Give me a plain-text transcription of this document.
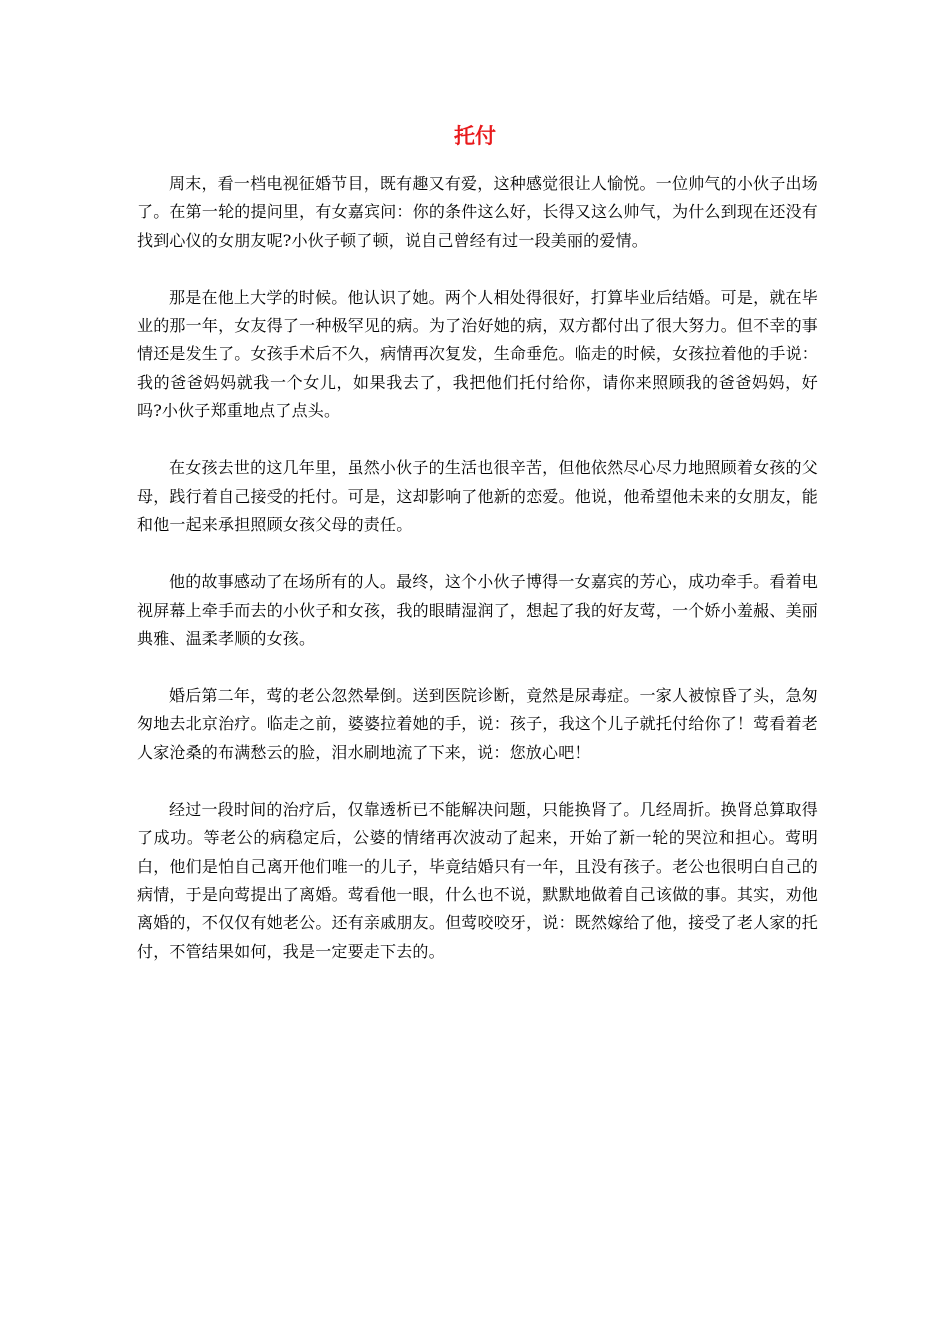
托付

周末，看一档电视征婚节目，既有趣又有爱，这种感觉很让人愉悦。一位帅气的小伙子出场了。在第一轮的提问里，有女嘉宾问：你的条件这么好，长得又这么帅气，为什么到现在还没有找到心仪的女朋友呢?小伙子顿了顿，说自己曾经有过一段美丽的爱情。

那是在他上大学的时候。他认识了她。两个人相处得很好，打算毕业后结婚。可是，就在毕业的那一年，女友得了一种极罕见的病。为了治好她的病，双方都付出了很大努力。但不幸的事情还是发生了。女孩手术后不久，病情再次复发，生命垂危。临走的时候，女孩拉着他的手说：我的爸爸妈妈就我一个女儿，如果我去了，我把他们托付给你，请你来照顾我的爸爸妈妈，好吗?小伙子郑重地点了点头。

在女孩去世的这几年里，虽然小伙子的生活也很辛苦，但他依然尽心尽力地照顾着女孩的父母，践行着自己接受的托付。可是，这却影响了他新的恋爱。他说，他希望他未来的女朋友，能和他一起来承担照顾女孩父母的责任。

他的故事感动了在场所有的人。最终，这个小伙子博得一女嘉宾的芳心，成功牵手。看着电视屏幕上牵手而去的小伙子和女孩，我的眼睛湿润了，想起了我的好友莺，一个娇小羞赧、美丽典雅、温柔孝顺的女孩。

婚后第二年，莺的老公忽然晕倒。送到医院诊断，竟然是尿毒症。一家人被惊昏了头，急匆匆地去北京治疗。临走之前，婆婆拉着她的手，说：孩子，我这个儿子就托付给你了！莺看着老人家沧桑的布满愁云的脸，泪水刷地流了下来，说：您放心吧！

经过一段时间的治疗后，仅靠透析已不能解决问题，只能换肾了。几经周折。换肾总算取得了成功。等老公的病稳定后，公婆的情绪再次波动了起来，开始了新一轮的哭泣和担心。莺明白，他们是怕自己离开他们唯一的儿子，毕竟结婚只有一年，且没有孩子。老公也很明白自己的病情，于是向莺提出了离婚。莺看他一眼，什么也不说，默默地做着自己该做的事。其实，劝他离婚的，不仅仅有她老公。还有亲戚朋友。但莺咬咬牙，说：既然嫁给了他，接受了老人家的托付，不管结果如何，我是一定要走下去的。
